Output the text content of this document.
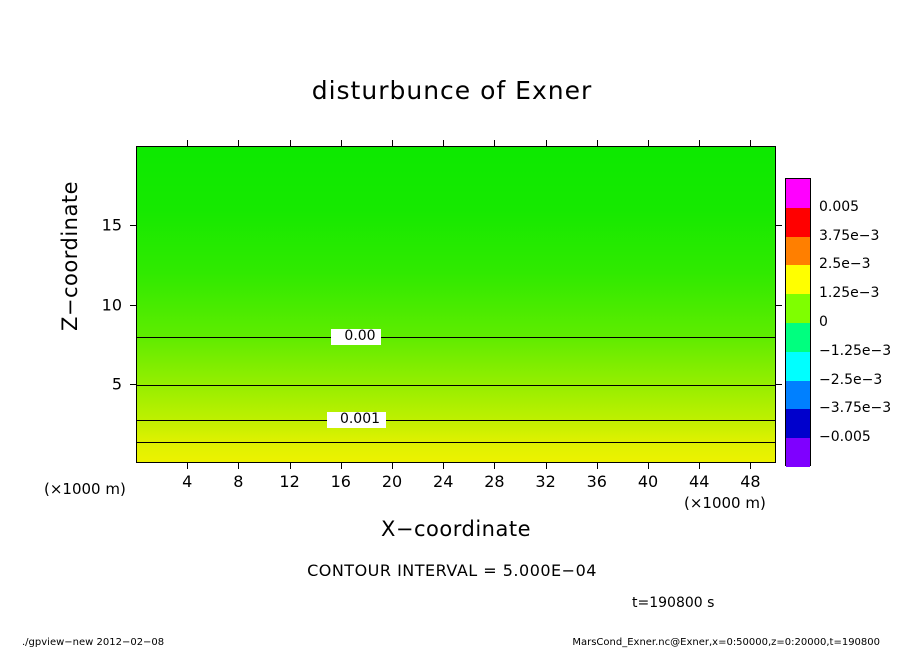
disturbunce of Exner
0.00
0.001
4	8 12 16 20 24 28 32 36 40 44 48
5
10
15
X−coordinate
Z−coordinate
(×1000 m)
(×1000 m)
0.005
3.75e−3
2.5e−3
1.25e−3
0
−1.25e−3
−2.5e−3
−3.75e−3
−0.005
CONTOUR INTERVAL = 5.000E−04
t=190800 s
./gpview−new 2012−02−08	MarsCond_Exner.nc@Exner,x=0:50000,z=0:20000,t=190800
